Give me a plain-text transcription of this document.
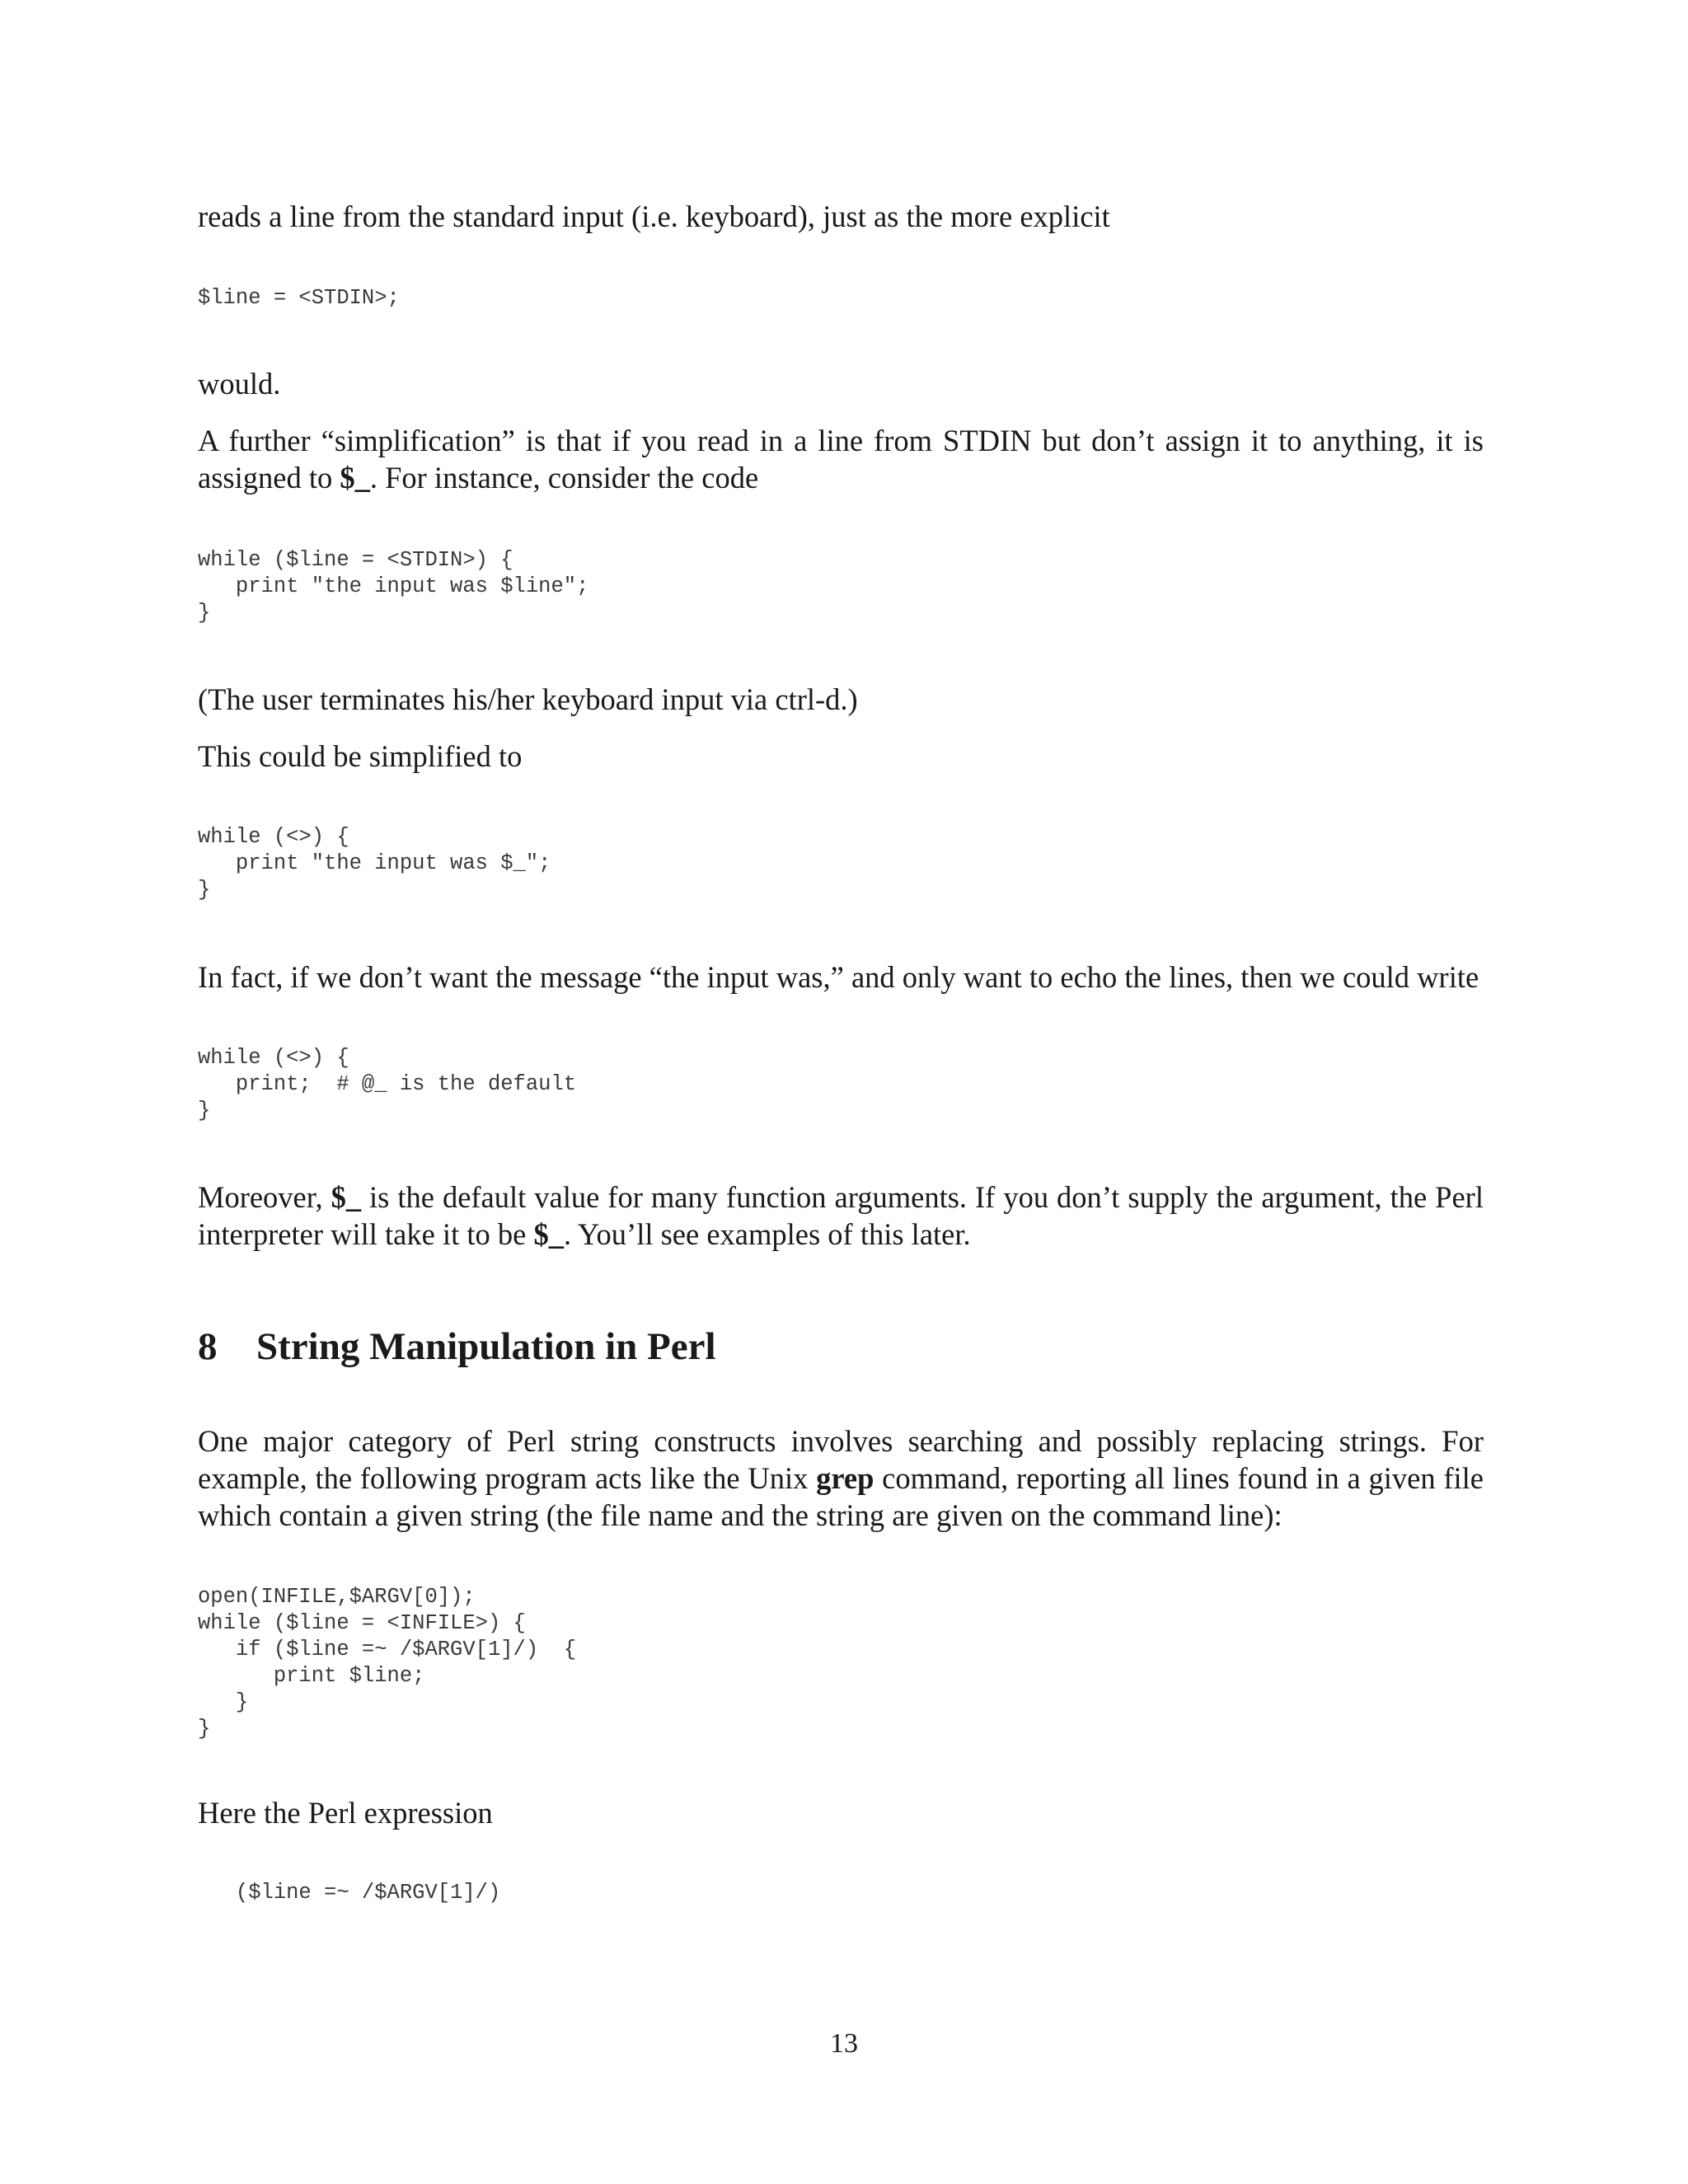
reads a line from the standard input (i.e. keyboard), just as the more explicit

$line = <STDIN>;

would.

A further “simplification” is that if you read in a line from STDIN but don’t assign it to anything, it is assigned to $_. For instance, consider the code

while ($line = <STDIN>) {
print "the input was $line";
}

(The user terminates his/her keyboard input via ctrl-d.)

This could be simplified to

while (<>) {
print "the input was $_";
}

In fact, if we don’t want the message “the input was,” and only want to echo the lines, then we could write

while (<>) {
print;  # @_ is the default
}

Moreover, $_ is the default value for many function arguments. If you don’t supply the argument, the Perl interpreter will take it to be $_. You’ll see examples of this later.

8 String Manipulation in Perl

One major category of Perl string constructs involves searching and possibly replacing strings. For example, the following program acts like the Unix grep command, reporting all lines found in a given file which contain a given string (the file name and the string are given on the command line):

open(INFILE,$ARGV[0]);
while ($line = <INFILE>) {
if ($line =~ /$ARGV[1]/)  {
print $line;
}
}

Here the Perl expression

($line =~ /$ARGV[1]/)
13
